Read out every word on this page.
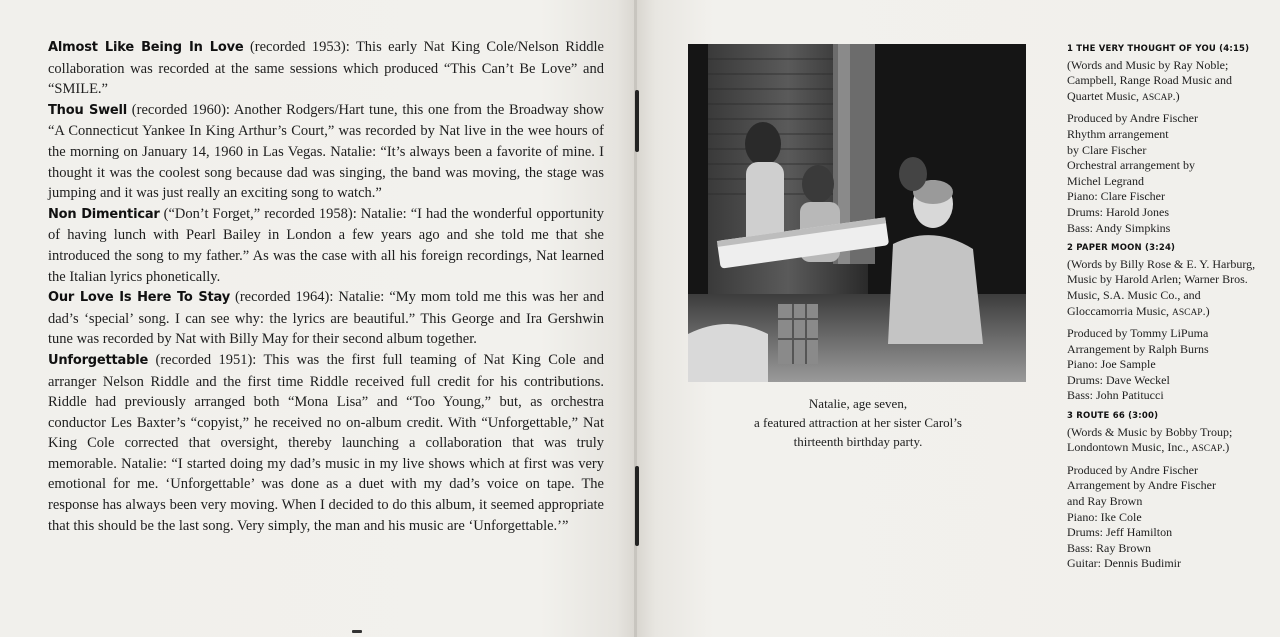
Almost Like Being In Love (recorded 1953): This early Nat King Cole/Nelson Riddle collaboration was recorded at the same sessions which produced “This Can’t Be Love” and “SMILE.”

Thou Swell (recorded 1960): Another Rodgers/Hart tune, this one from the Broadway show “A Connecticut Yankee In King Arthur’s Court,” was recorded by Nat live in the wee hours of the morning on January 14, 1960 in Las Vegas. Natalie: “It’s always been a favorite of mine. I thought it was the coolest song because dad was singing, the band was moving, the stage was jumping and it was just really an exciting song to watch.”

Non Dimenticar (“Don’t Forget,” recorded 1958): Natalie: “I had the wonderful opportunity of having lunch with Pearl Bailey in London a few years ago and she told me that she introduced the song to my father.” As was the case with all his foreign recordings, Nat learned the Italian lyrics phonetically.

Our Love Is Here To Stay (recorded 1964): Natalie: “My mom told me this was her and dad’s ‘special’ song. I can see why: the lyrics are beautiful.” This George and Ira Gershwin tune was recorded by Nat with Billy May for their second album together.

Unforgettable (recorded 1951): This was the first full teaming of Nat King Cole and arranger Nelson Riddle and the first time Riddle received full credit for his contributions. Riddle had previously arranged both “Mona Lisa” and “Too Young,” but, as orchestra conductor Les Baxter’s “copyist,” he received no on-album credit. With “Unforgettable,” Nat King Cole corrected that oversight, thereby launching a collaboration that was truly memorable. Natalie: “I started doing my dad’s music in my live shows which at first was very emotional for me. ‘Unforgettable’ was done as a duet with my dad’s voice on tape. The response has always been very moving. When I decided to do this album, it seemed appropriate that this should be the last song. Very simply, the man and his music are ‘Unforgettable.’”

Natalie, age seven,
a featured attraction at her sister Carol’s
thirteenth birthday party.
1 THE VERY THOUGHT OF YOU (4:15)
(Words and Music by Ray Noble; Campbell, Range Road Music and Quartet Music, ASCAP.)
Produced by Andre Fischer
Rhythm arrangement
by Clare Fischer
Orchestral arrangement by
Michel Legrand
Piano: Clare Fischer
Drums: Harold Jones
Bass: Andy Simpkins
2 PAPER MOON (3:24)
(Words by Billy Rose & E. Y. Harburg, Music by Harold Arlen; Warner Bros. Music, S.A. Music Co., and Gloccamorria Music, ASCAP.)
Produced by Tommy LiPuma
Arrangement by Ralph Burns
Piano: Joe Sample
Drums: Dave Weckel
Bass: John Patitucci
3 ROUTE 66 (3:00)
(Words & Music by Bobby Troup; Londontown Music, Inc., ASCAP.)
Produced by Andre Fischer
Arrangement by Andre Fischer
and Ray Brown
Piano: Ike Cole
Drums: Jeff Hamilton
Bass: Ray Brown
Guitar: Dennis Budimir
